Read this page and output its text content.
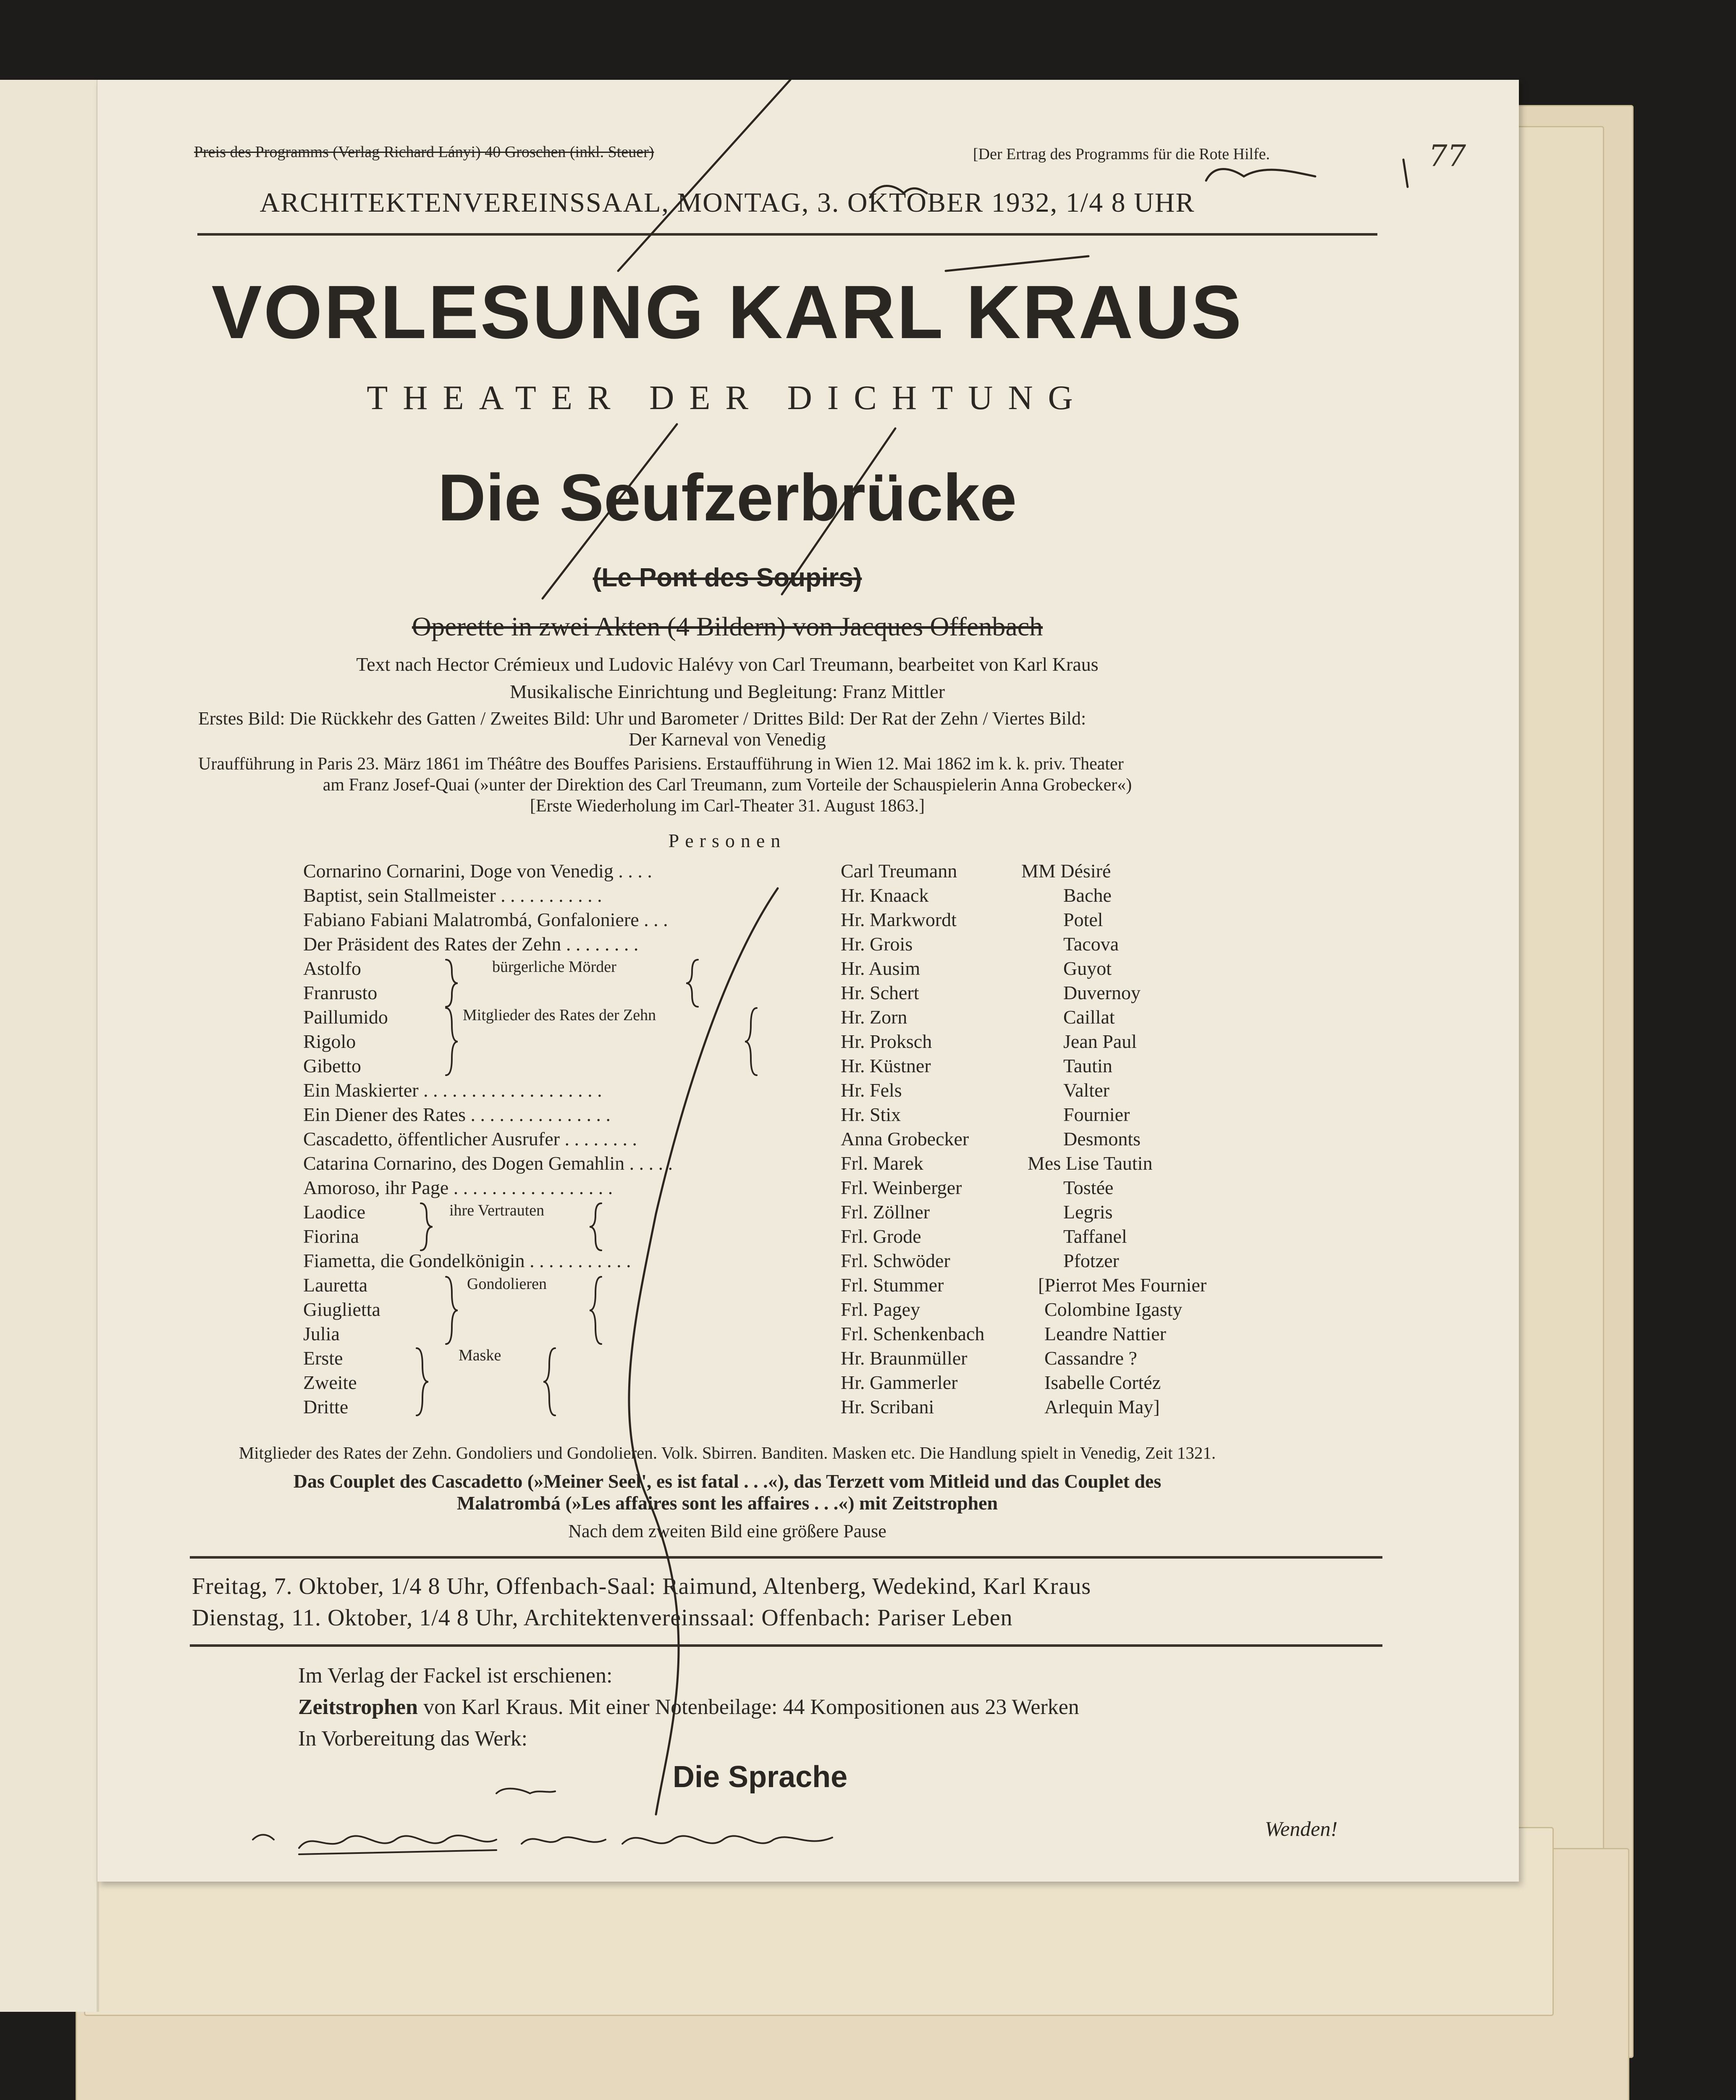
Preis des Programms (Verlag Richard Lányi) 40 Groschen (inkl. Steuer)	[Der Ertrag des Programms für die Rote Hilfe.	77
ARCHITEKTENVEREINSSAAL, MONTAG, 3. OKTOBER 1932, 1/4 8 UHR
VORLESUNG KARL KRAUS
THEATER DER DICHTUNG
Die Seufzerbrücke
(Le Pont des Soupirs)
Operette in zwei Akten (4 Bildern) von Jacques Offenbach
Text nach Hector Crémieux und Ludovic Halévy von Carl Treumann, bearbeitet von Karl Kraus
Musikalische Einrichtung und Begleitung: Franz Mittler
Erstes Bild: Die Rückkehr des Gatten / Zweites Bild: Uhr und Barometer / Drittes Bild: Der Rat der Zehn / Viertes Bild:
Der Karneval von Venedig
Uraufführung in Paris 23. März 1861 im Théâtre des Bouffes Parisiens. Erstaufführung in Wien 12. Mai 1862 im k. k. priv. Theater
am Franz Josef-Quai (»unter der Direktion des Carl Treumann, zum Vorteile der Schauspielerin Anna Grobecker«)
[Erste Wiederholung im Carl-Theater 31. August 1863.]
Personen
Cornarino Cornarini, Doge von Venedig . . . .
Baptist, sein Stallmeister . . . . . . . . . . .
Fabiano Fabiani Malatrombá, Gonfaloniere . . .
Der Präsident des Rates der Zehn . . . . . . . .
Astolfo
Franrusto
Paillumido
Rigolo
Gibetto
Ein Maskierter . . . . . . . . . . . . . . . . . . .
Ein Diener des Rates . . . . . . . . . . . . . . .
Cascadetto, öffentlicher Ausrufer . . . . . . . .
Catarina Cornarino, des Dogen Gemahlin . . . . .
Amoroso, ihr Page . . . . . . . . . . . . . . . . .
Laodice
Fiorina
Fiametta, die Gondelkönigin . . . . . . . . . . .
Lauretta
Giuglietta
Julia
Erste
Zweite
Dritte
bürgerliche Mörder
Mitglieder des Rates der Zehn
ihre Vertrauten
Gondolieren
Maske
Carl Treumann
Hr. Knaack
Hr. Markwordt
Hr. Grois
Hr. Ausim
Hr. Schert
Hr. Zorn
Hr. Proksch
Hr. Küstner
Hr. Fels
Hr. Stix
Anna Grobecker
Frl. Marek
Frl. Weinberger
Frl. Zöllner
Frl. Grode
Frl. Schwöder
Frl. Stummer
Frl. Pagey
Frl. Schenkenbach
Hr. Braunmüller
Hr. Gammerler
Hr. Scribani
MM Désiré
Bache
Potel
Tacova
Guyot
Duvernoy
Caillat
Jean Paul
Tautin
Valter
Fournier
Desmonts
Mes Lise Tautin
Tostée
Legris
Taffanel
Pfotzer
[Pierrot Mes Fournier
Colombine Igasty
Leandre Nattier
Cassandre ?
Isabelle Cortéz
Arlequin May]
Mitglieder des Rates der Zehn. Gondoliers und Gondolieren. Volk. Sbirren. Banditen. Masken etc. Die Handlung spielt in Venedig, Zeit 1321.
Das Couplet des Cascadetto (»Meiner Seel', es ist fatal . . .«), das Terzett vom Mitleid und das Couplet des
Malatrombá (»Les affaires sont les affaires . . .«) mit Zeitstrophen
Nach dem zweiten Bild eine größere Pause
Freitag, 7. Oktober, 1/4 8 Uhr, Offenbach-Saal: Raimund, Altenberg, Wedekind, Karl Kraus
Dienstag, 11. Oktober, 1/4 8 Uhr, Architektenvereinssaal: Offenbach: Pariser Leben
Im Verlag der Fackel ist erschienen:
Zeitstrophen von Karl Kraus. Mit einer Notenbeilage: 44 Kompositionen aus 23 Werken
In Vorbereitung das Werk:
Die Sprache
Wenden!
